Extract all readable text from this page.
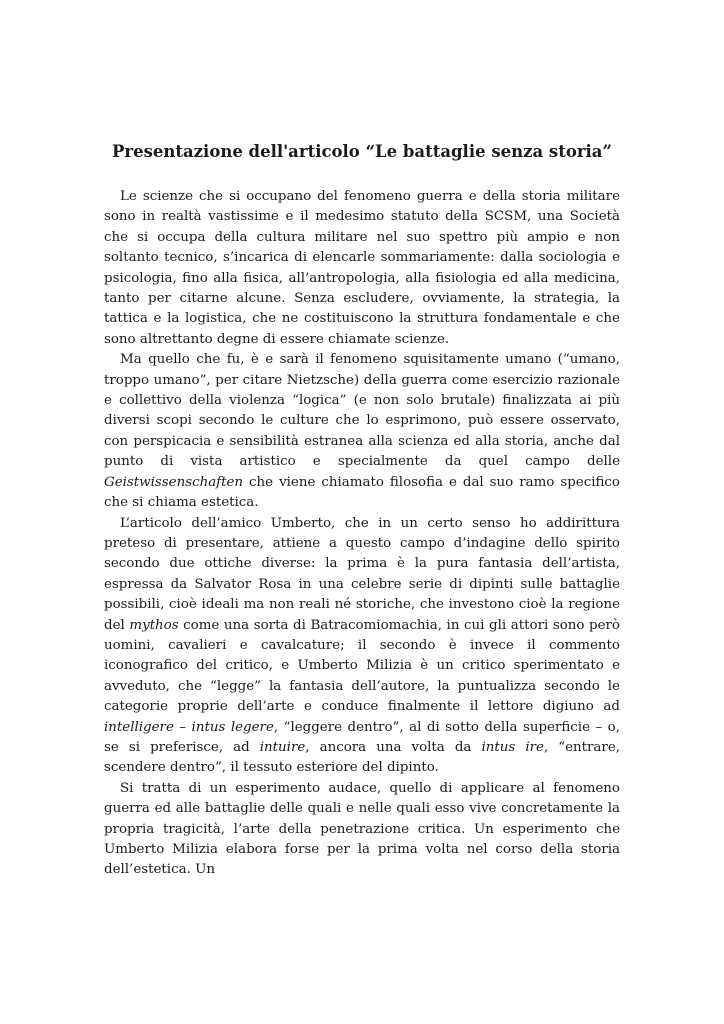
Presentazione dell'articolo “Le battaglie senza storia”

Le scienze che si occupano del fenomeno guerra e della storia militare sono in realtà vastissime e il medesimo statuto della SCSM, una Società che si occupa della cultura militare nel suo spettro più ampio e non soltanto tecnico, s’incarica di elencarle sommariamente: dalla sociologia e psicologia, fino alla fisica, all’antropologia, alla fisiologia ed alla medicina, tanto per citarne alcune. Senza escludere, ovviamente, la strategia, la tattica e la logistica, che ne costituiscono la struttura fondamentale e che sono altrettanto degne di essere chiamate scienze.

Ma quello che fu, è e sarà il fenomeno squisitamente umano (“umano, troppo umano”, per citare Nietzsche) della guerra come esercizio razionale e collettivo della violenza “logica” (e non solo brutale) finalizzata ai più diversi scopi secondo le culture che lo esprimono, può essere osservato, con perspicacia e sensibilità estranea alla scienza ed alla storia, anche dal punto di vista artistico e specialmente da quel campo delle Geistwissenschaften che viene chiamato filosofia e dal suo ramo specifico che si chiama estetica.

L’articolo dell’amico Umberto, che in un certo senso ho addirittura preteso di presentare, attiene a questo campo d’indagine dello spirito secondo due ottiche diverse: la prima è la pura fantasia dell’artista, espressa da Salvator Rosa in una celebre serie di dipinti sulle battaglie possibili, cioè ideali ma non reali né storiche, che investono cioè la regione del mythos come una sorta di Batracomiomachia, in cui gli attori sono però uomini, cavalieri e cavalcature; il secondo è invece il commento iconografico del critico, e Umberto Milizia è un critico sperimentato e avveduto, che “legge” la fantasia dell’autore, la puntualizza secondo le categorie proprie dell’arte e conduce finalmente il lettore digiuno ad intelligere – intus legere, “leggere dentro”, al di sotto della superficie – o, se si preferisce, ad intuire, ancora una volta da intus ire, “entrare, scendere dentro”, il tessuto esteriore del dipinto.

Si tratta di un esperimento audace, quello di applicare al fenomeno guerra ed alle battaglie delle quali e nelle quali esso vive concretamente la propria tragicità, l’arte della penetrazione critica. Un esperimento che Umberto Milizia elabora forse per la prima volta nel corso della storia dell’estetica. Un
